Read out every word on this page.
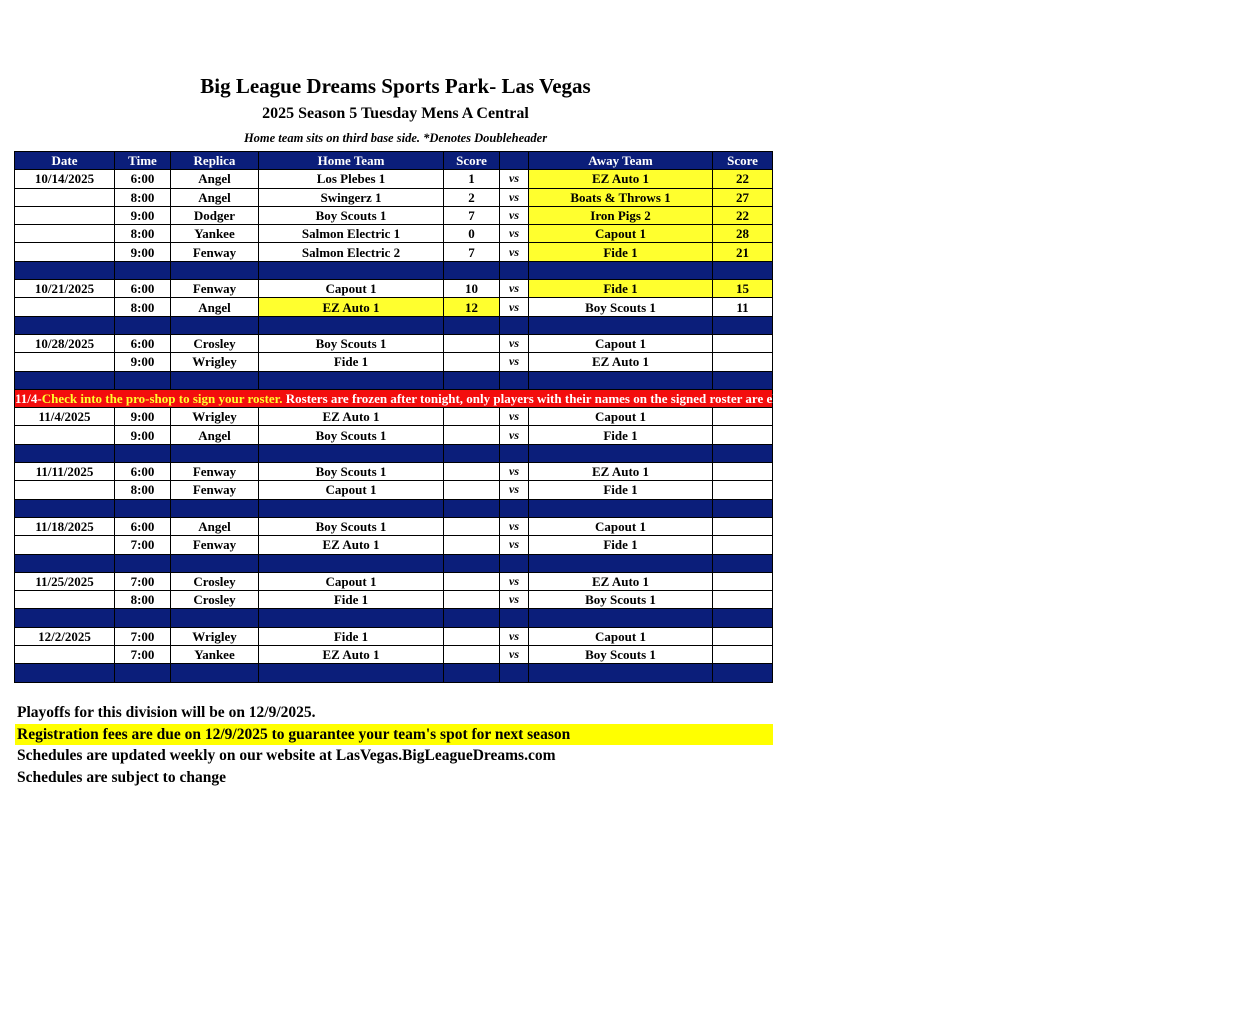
Big League Dreams Sports Park- Las Vegas
2025 Season 5 Tuesday Mens A Central
Home team sits on third base side. *Denotes Doubleheader
Date	Time	Replica	Home Team	Score		Away Team	Score
10/14/2025	6:00	Angel	Los Plebes 1	1	vs	EZ Auto 1	22
	8:00	Angel	Swingerz 1	2	vs	Boats & Throws 1	27
	9:00	Dodger	Boy Scouts 1	7	vs	Iron Pigs 2	22
	8:00	Yankee	Salmon Electric 1	0	vs	Capout 1	28
	9:00	Fenway	Salmon Electric 2	7	vs	Fide 1	21

10/21/2025	6:00	Fenway	Capout 1	10	vs	Fide 1	15
	8:00	Angel	EZ Auto 1	12	vs	Boy Scouts 1	11

10/28/2025	6:00	Crosley	Boy Scouts 1		vs	Capout 1	
	9:00	Wrigley	Fide 1		vs	EZ Auto 1	

11/4-Check into the pro-shop to sign your roster. Rosters are frozen after tonight, only players with their names on the signed roster are eligible for playoffs. Please check carefully as changes will not be made for omissions.							
11/4/2025	9:00	Wrigley	EZ Auto 1		vs	Capout 1	
	9:00	Angel	Boy Scouts 1		vs	Fide 1	

11/11/2025	6:00	Fenway	Boy Scouts 1		vs	EZ Auto 1	
	8:00	Fenway	Capout 1		vs	Fide 1	

11/18/2025	6:00	Angel	Boy Scouts 1		vs	Capout 1	
	7:00	Fenway	EZ Auto 1		vs	Fide 1	

11/25/2025	7:00	Crosley	Capout 1		vs	EZ Auto 1	
	8:00	Crosley	Fide 1		vs	Boy Scouts 1	

12/2/2025	7:00	Wrigley	Fide 1		vs	Capout 1	
	7:00	Yankee	EZ Auto 1		vs	Boy Scouts 1	

Playoffs for this division will be on 12/9/2025.
Registration fees are due on 12/9/2025 to guarantee your team's spot for next season
Schedules are updated weekly on our website at LasVegas.BigLeagueDreams.com
Schedules are subject to change
